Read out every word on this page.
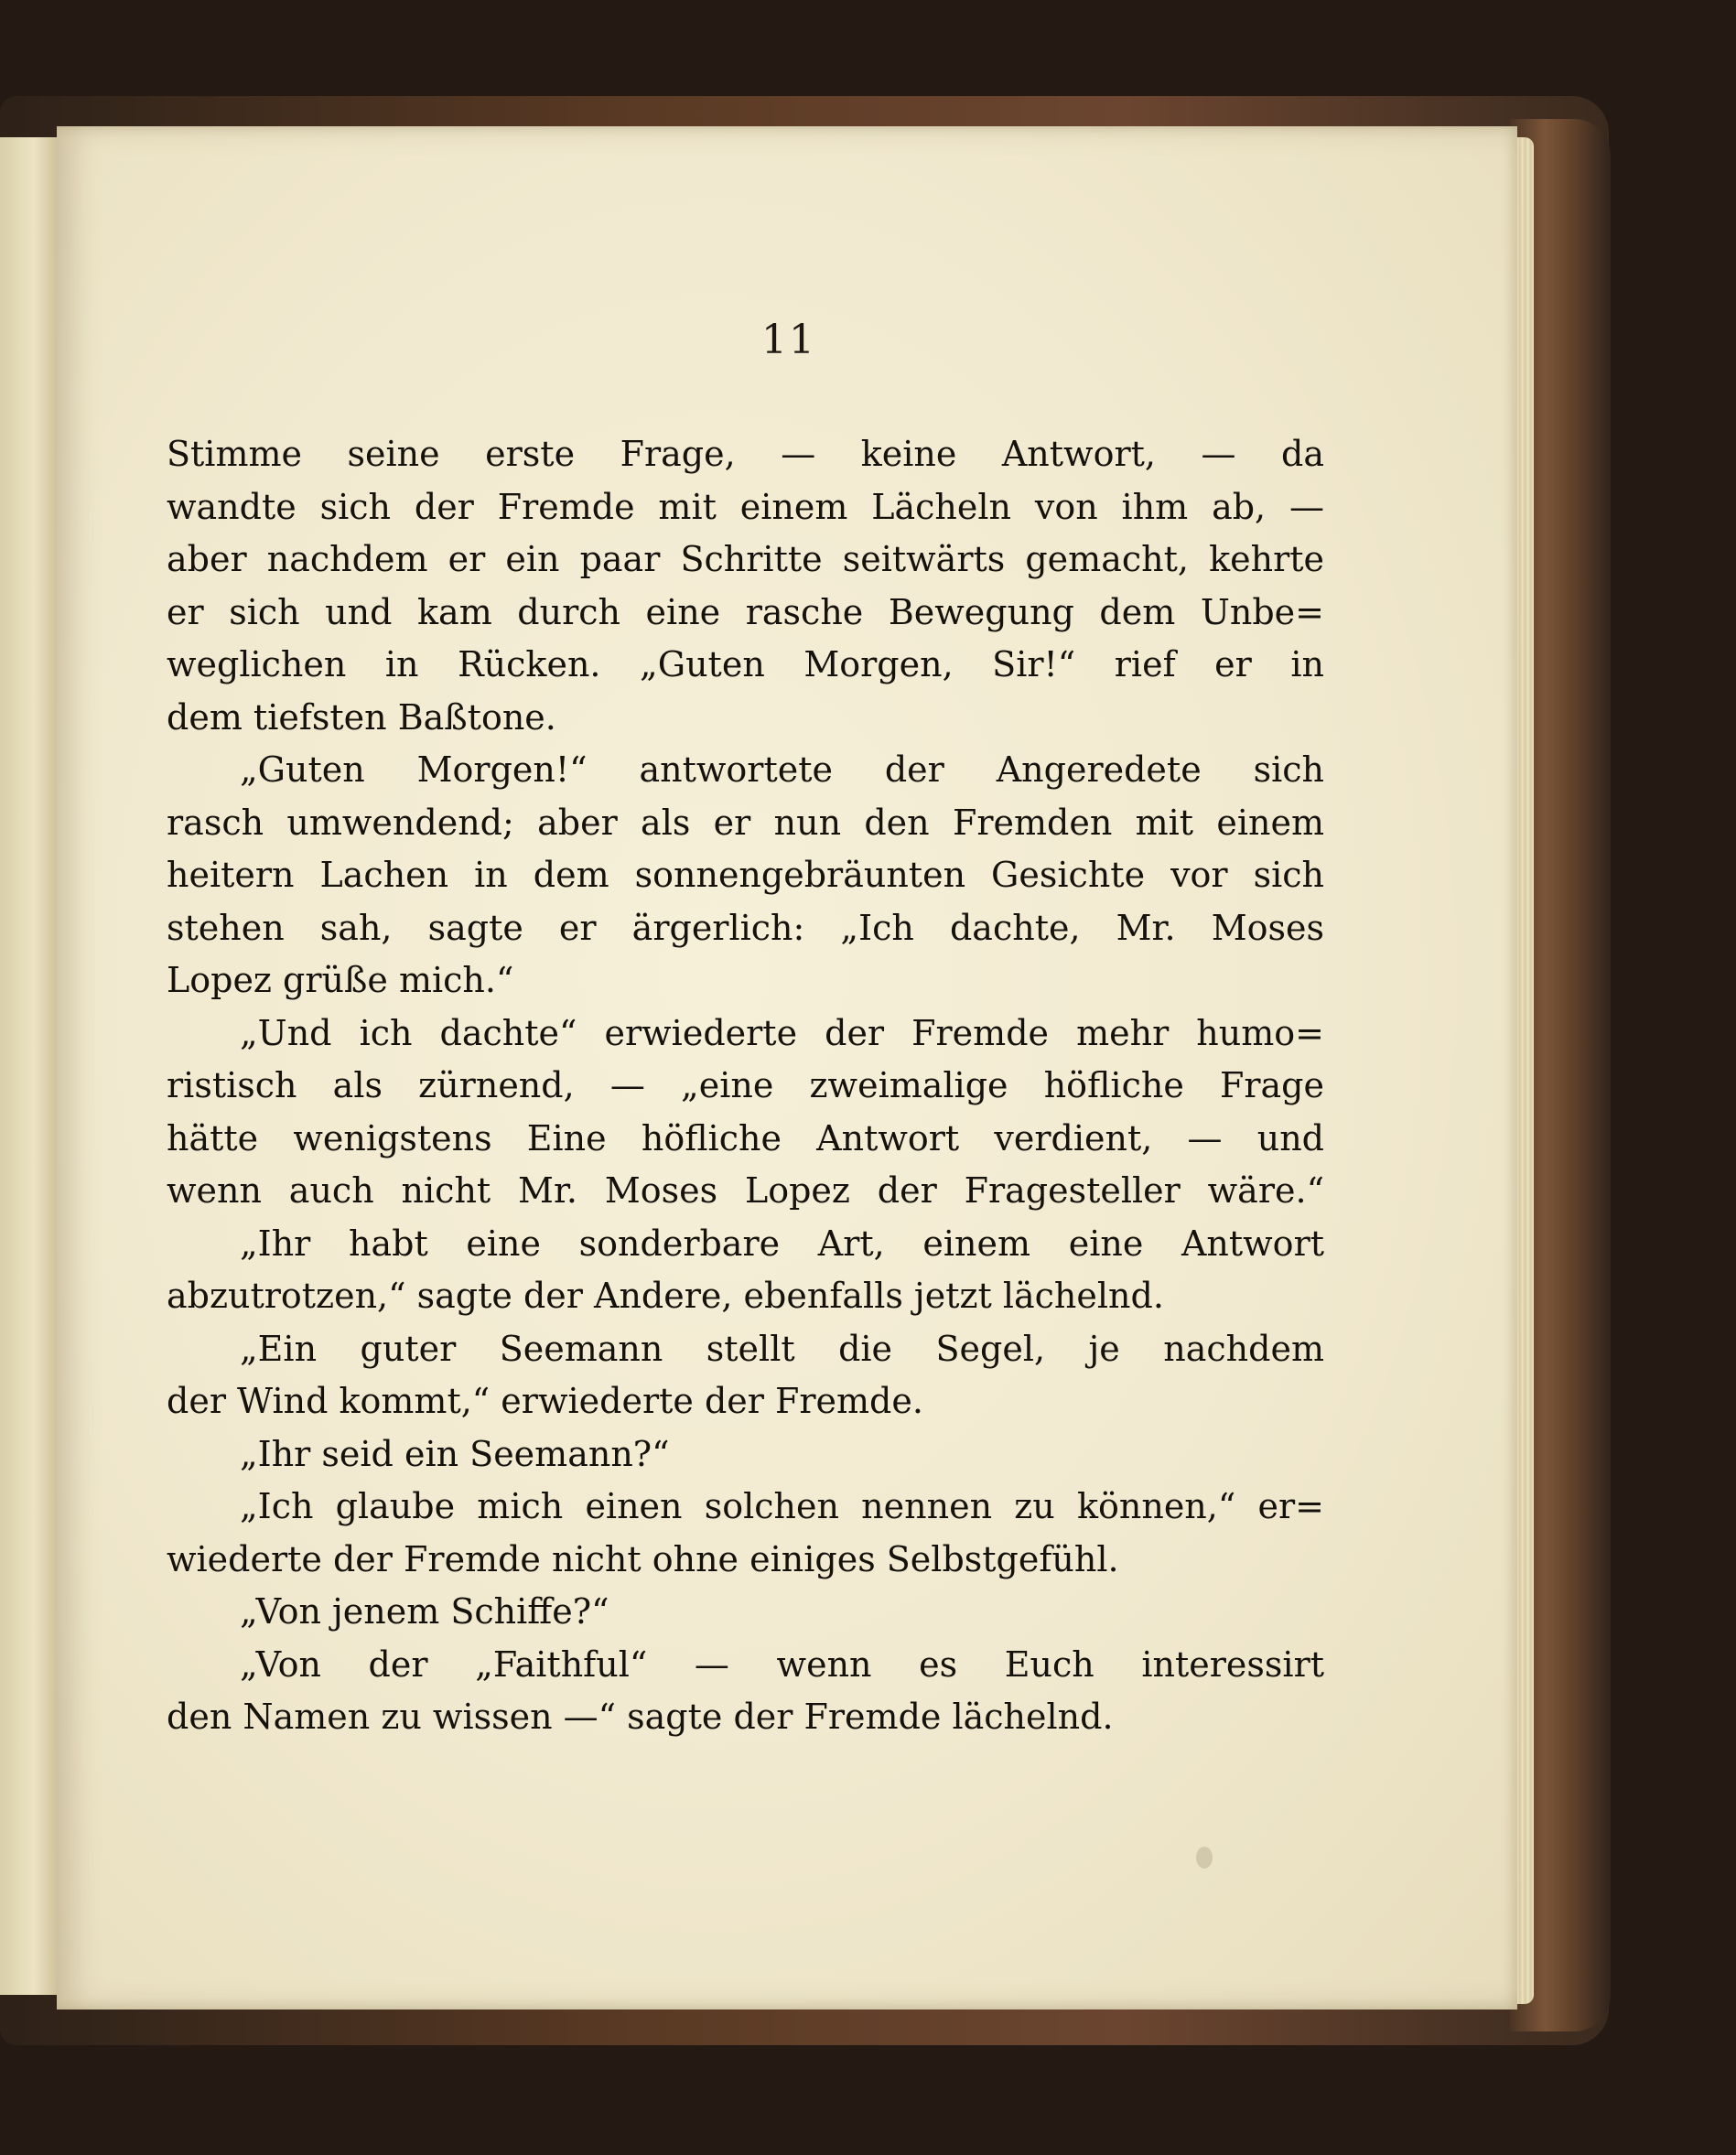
11
Stimme seine erste Frage, — keine Antwort, — da
wandte sich der Fremde mit einem Lächeln von ihm ab, —
aber nachdem er ein paar Schritte seitwärts gemacht, kehrte
er sich und kam durch eine rasche Bewegung dem Unbe=
weglichen in Rücken. „Guten Morgen, Sir!“ rief er in
dem tiefsten Baßtone.
„Guten Morgen!“ antwortete der Angeredete sich
rasch umwendend; aber als er nun den Fremden mit einem
heitern Lachen in dem sonnengebräunten Gesichte vor sich
stehen sah, sagte er ärgerlich: „Ich dachte, Mr. Moses
Lopez grüße mich.“
„Und ich dachte“ erwiederte der Fremde mehr humo=
ristisch als zürnend, — „eine zweimalige höfliche Frage
hätte wenigstens Eine höfliche Antwort verdient, — und
wenn auch nicht Mr. Moses Lopez der Fragesteller wäre.“
„Ihr habt eine sonderbare Art, einem eine Antwort
abzutrotzen,“ sagte der Andere, ebenfalls jetzt lächelnd.
„Ein guter Seemann stellt die Segel, je nachdem
der Wind kommt,“ erwiederte der Fremde.
„Ihr seid ein Seemann?“
„Ich glaube mich einen solchen nennen zu können,“ er=
wiederte der Fremde nicht ohne einiges Selbstgefühl.
„Von jenem Schiffe?“
„Von der „Faithful“ — wenn es Euch interessirt
den Namen zu wissen —“ sagte der Fremde lächelnd.
